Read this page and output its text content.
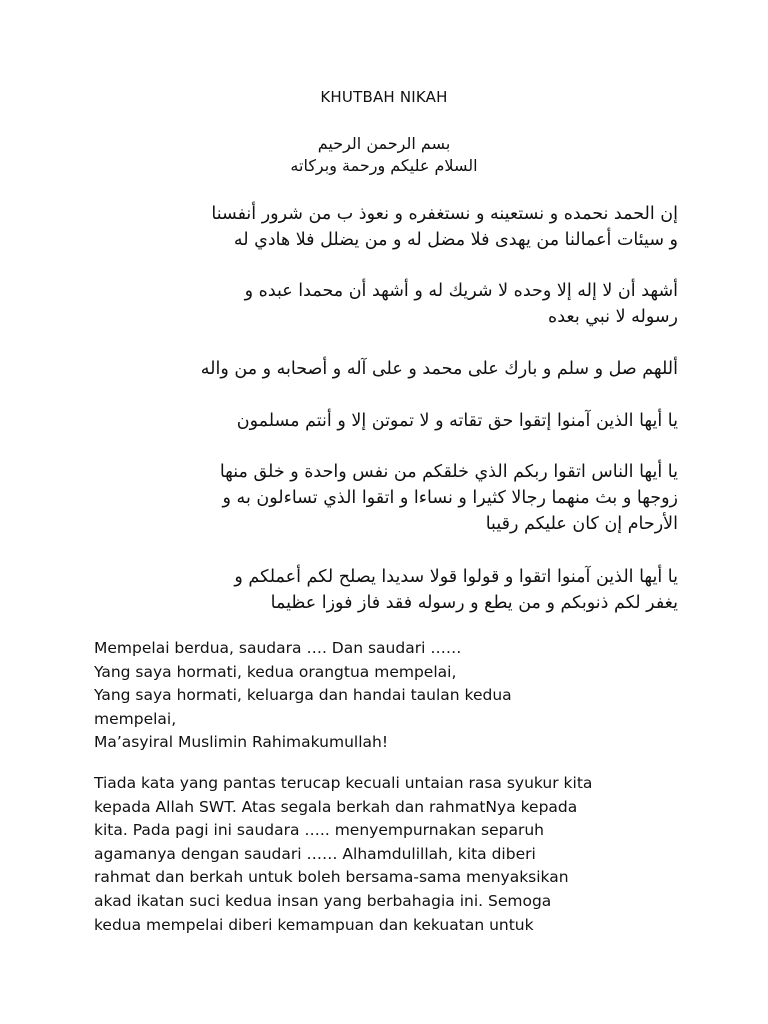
KHUTBAH NIKAH
بسم الرحمن الرحيم
السلام عليكم ورحمة وبركاته
إن الحمد نحمده و نستعينه و نستغفره و نعوذ ب من شرور أنفسنا
و سيئات أعمالنا من يهدى فلا مضل له و من يضلل فلا هادي له
أشهد أن لا إله إلا وحده لا شريك له و أشهد أن محمدا عبده و
رسوله لا نبي بعده
أللهم صل و سلم و بارك على محمد و على آله و أصحابه و من واله
يا أيها الذين آمنوا إتقوا حق تقاته و لا تموتن إلا و أنتم مسلمون
يا أيها الناس اتقوا ربكم الذي خلقكم من نفس واحدة و خلق منها
زوجها و بث منهما رجالا كثيرا و نساءا و اتقوا الذي تساءلون به و
الأرحام إن كان عليكم رقيبا
يا أيها الذين آمنوا اتقوا و قولوا قولا سديدا يصلح لكم أعملكم و
يغفر لكم ذنوبكم و من يطع و رسوله فقد فاز فوزا عظيما
Mempelai berdua, saudara …. Dan saudari ……
Yang saya hormati, kedua orangtua mempelai,
Yang saya hormati, keluarga dan handai taulan kedua
mempelai,
Ma’asyiral Muslimin Rahimakumullah!
Tiada kata yang pantas terucap kecuali untaian rasa syukur kita
kepada Allah SWT. Atas segala berkah dan rahmatNya kepada
kita. Pada pagi ini saudara ….. menyempurnakan separuh
agamanya dengan saudari …… Alhamdulillah, kita diberi
rahmat dan berkah untuk boleh bersama-sama menyaksikan
akad ikatan suci kedua insan yang berbahagia ini. Semoga
kedua mempelai diberi kemampuan dan kekuatan untuk
